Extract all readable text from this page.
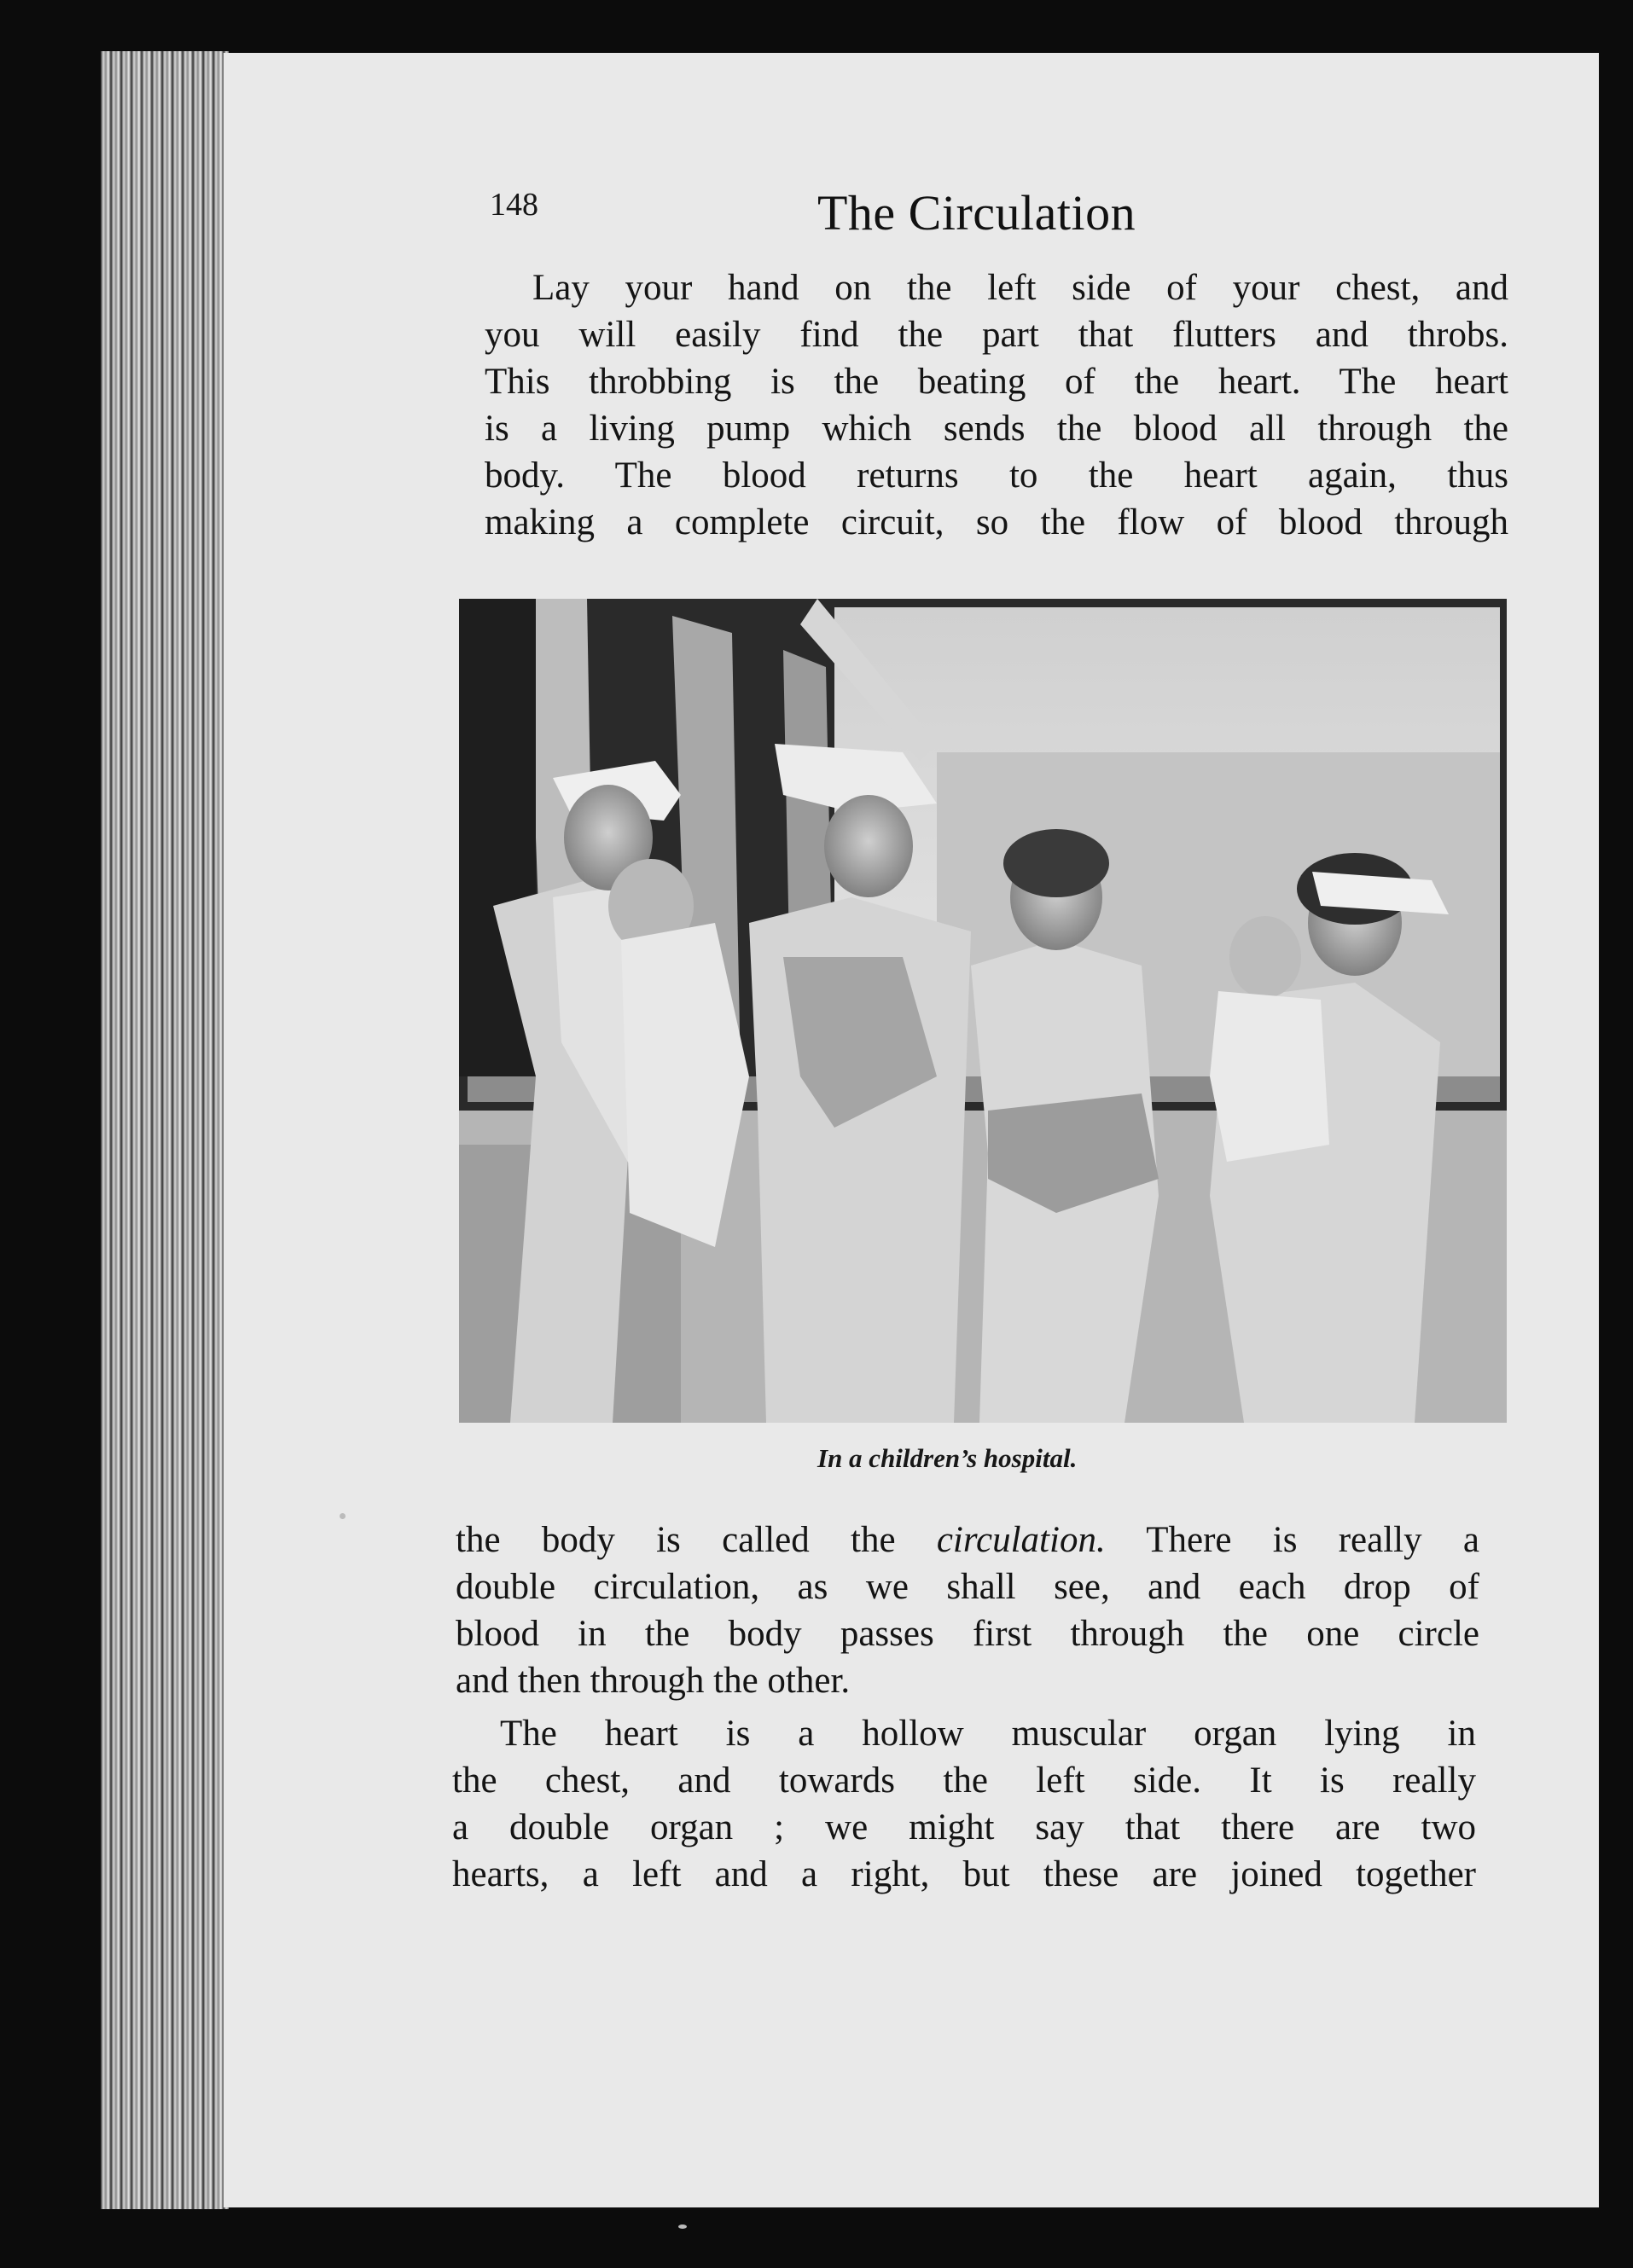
148	The Circulation
Lay your hand on the left side of your chest, and
you will easily find the part that flutters and throbs.
This throbbing is the beating of the heart. The heart
is a living pump which sends the blood all through the
body. The blood returns to the heart again, thus
making a complete circuit, so the flow of blood through
In a children’s hospital.
the body is called the circulation. There is really a
double circulation, as we shall see, and each drop of
blood in the body passes first through the one circle
and then through the other.
The heart is a hollow muscular organ lying in
the chest, and towards the left side. It is really
a double organ ; we might say that there are two
hearts, a left and a right, but these are joined together
